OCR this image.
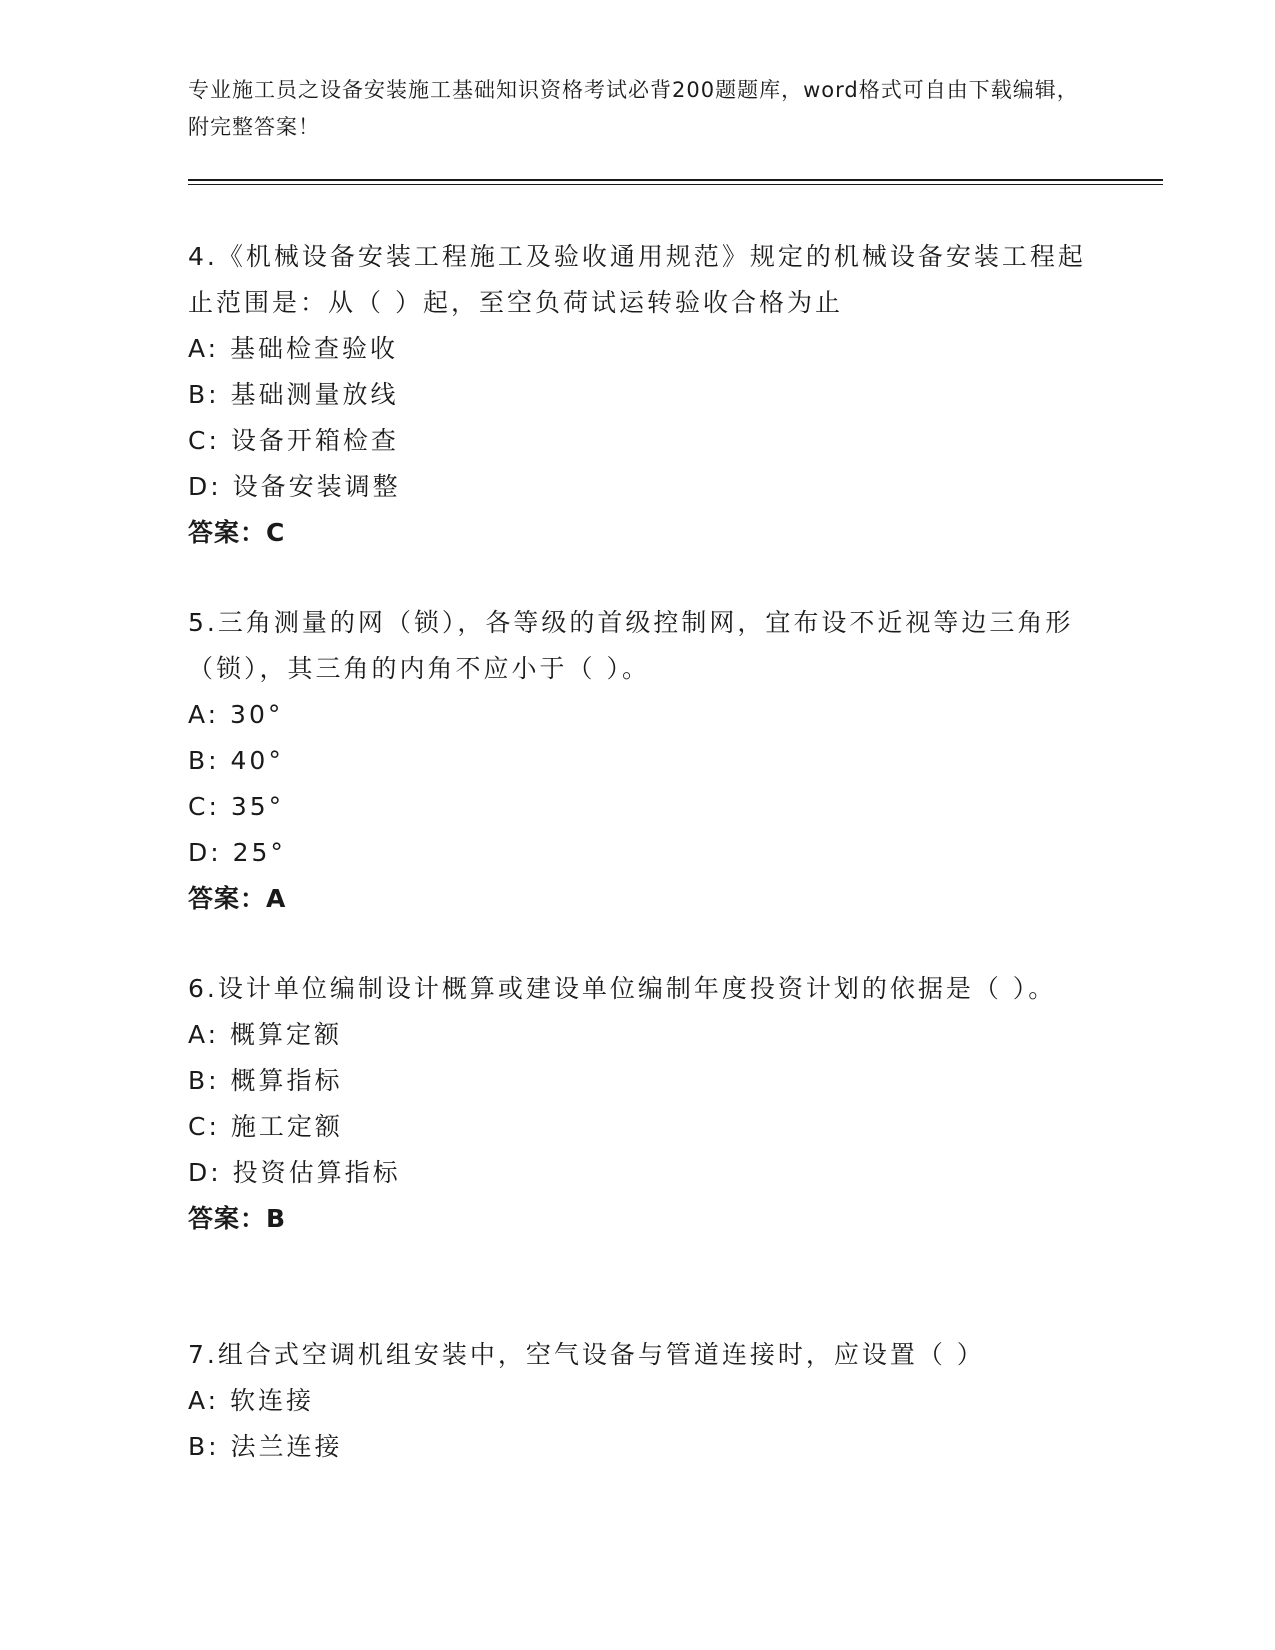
专业施工员之设备安装施工基础知识资格考试必背200题题库，word格式可自由下载编辑，附完整答案！

4.《机械设备安装工程施工及验收通用规范》规定的机械设备安装工程起止范围是：从（ ）起，至空负荷试运转验收合格为止

A: 基础检查验收

B: 基础测量放线

C: 设备开箱检查

D: 设备安装调整

答案：C

5.三角测量的网（锁），各等级的首级控制网，宜布设不近视等边三角形（锁），其三角的内角不应小于（ ）。

A: 30°

B: 40°

C: 35°

D: 25°

答案：A

6.设计单位编制设计概算或建设单位编制年度投资计划的依据是（ ）。

A: 概算定额

B: 概算指标

C: 施工定额

D: 投资估算指标

答案：B

7.组合式空调机组安装中，空气设备与管道连接时，应设置（ ）

A: 软连接

B: 法兰连接
